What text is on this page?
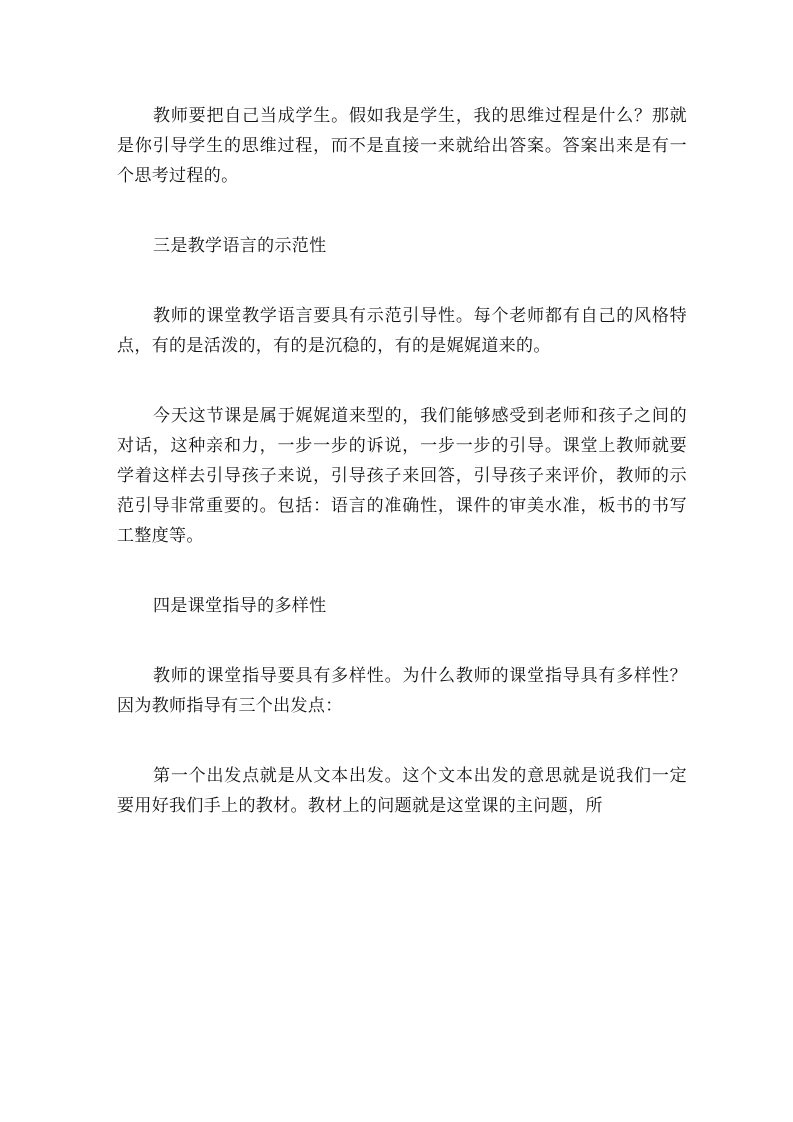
教师要把自己当成学生。假如我是学生，我的思维过程是什么？那就是你引导学生的思维过程，而不是直接一来就给出答案。答案出来是有一个思考过程的。

三是教学语言的示范性

教师的课堂教学语言要具有示范引导性。每个老师都有自己的风格特点，有的是活泼的，有的是沉稳的，有的是娓娓道来的。

今天这节课是属于娓娓道来型的，我们能够感受到老师和孩子之间的对话，这种亲和力，一步一步的诉说，一步一步的引导。课堂上教师就要学着这样去引导孩子来说，引导孩子来回答，引导孩子来评价，教师的示范引导非常重要的。包括：语言的准确性，课件的审美水准，板书的书写工整度等。

四是课堂指导的多样性

教师的课堂指导要具有多样性。为什么教师的课堂指导具有多样性？因为教师指导有三个出发点：

第一个出发点就是从文本出发。这个文本出发的意思就是说我们一定要用好我们手上的教材。教材上的问题就是这堂课的主问题，所
